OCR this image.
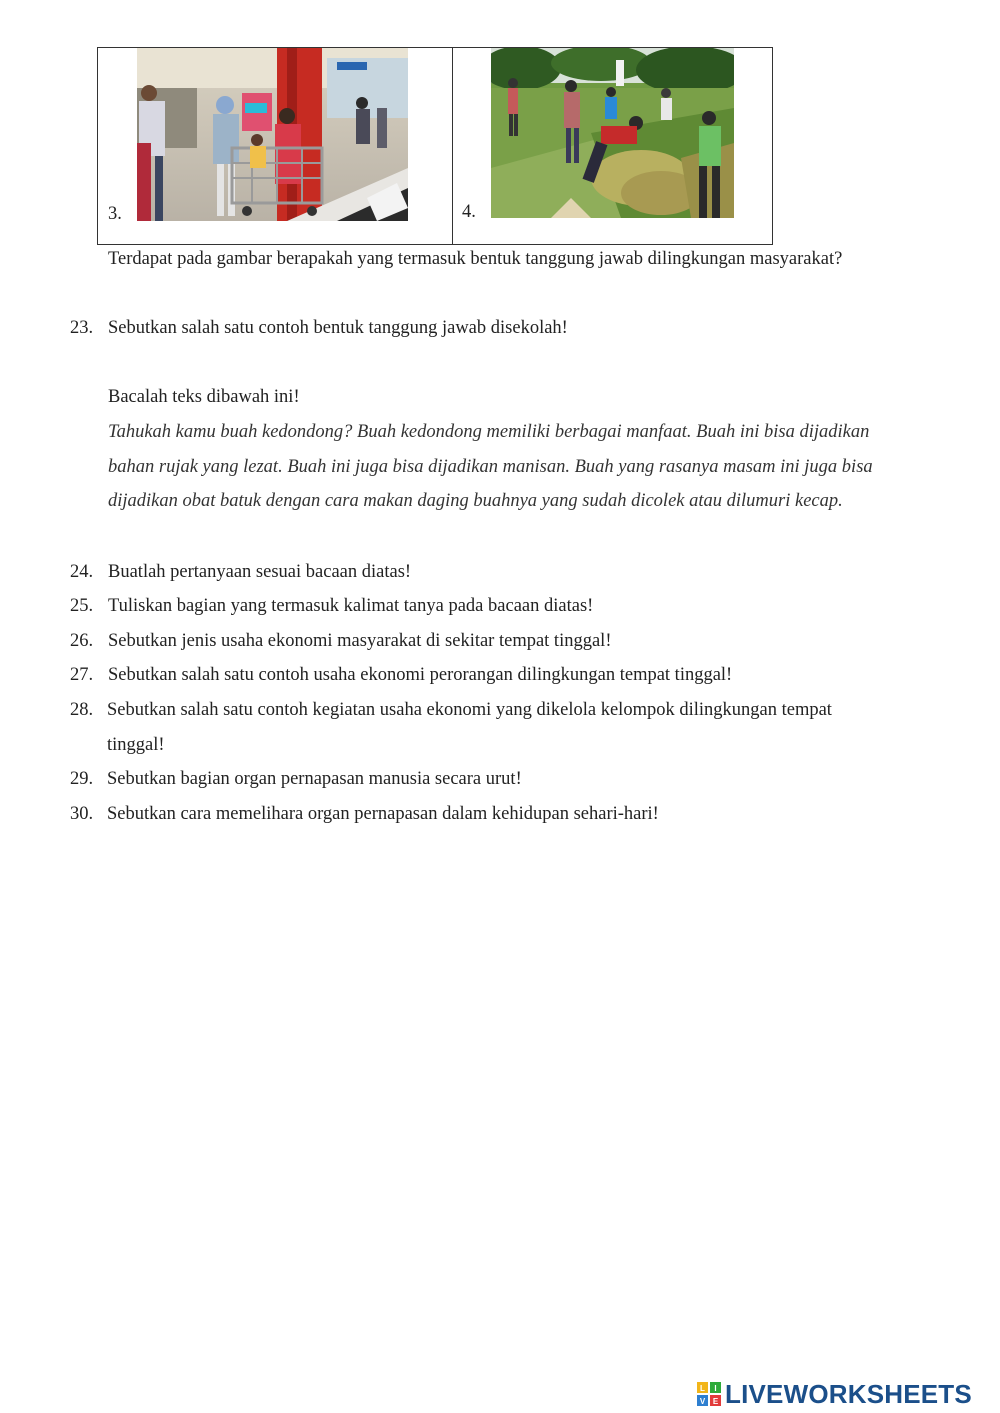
3.	4.
Terdapat pada gambar berapakah yang termasuk bentuk tanggung jawab dilingkungan masyarakat?
23. Sebutkan salah satu contoh bentuk tanggung jawab disekolah!
Bacalah teks dibawah ini!
Tahukah kamu buah kedondong? Buah kedondong memiliki berbagai manfaat. Buah ini bisa dijadikan
bahan rujak yang lezat. Buah ini juga bisa dijadikan manisan. Buah yang rasanya masam ini juga bisa
dijadikan obat batuk dengan cara makan daging buahnya yang sudah dicolek atau dilumuri kecap.
24. Buatlah pertanyaan sesuai bacaan diatas!
25. Tuliskan bagian yang termasuk kalimat tanya pada bacaan diatas!
26. Sebutkan jenis usaha ekonomi masyarakat di sekitar tempat tinggal!
27. Sebutkan salah satu contoh usaha ekonomi perorangan dilingkungan tempat tinggal!
28. Sebutkan salah satu contoh kegiatan usaha ekonomi yang dikelola kelompok dilingkungan tempat
tinggal!
29. Sebutkan bagian organ pernapasan manusia secara urut!
30. Sebutkan cara memelihara organ pernapasan dalam kehidupan sehari-hari!
L I
V E LIVEWORKSHEETS
